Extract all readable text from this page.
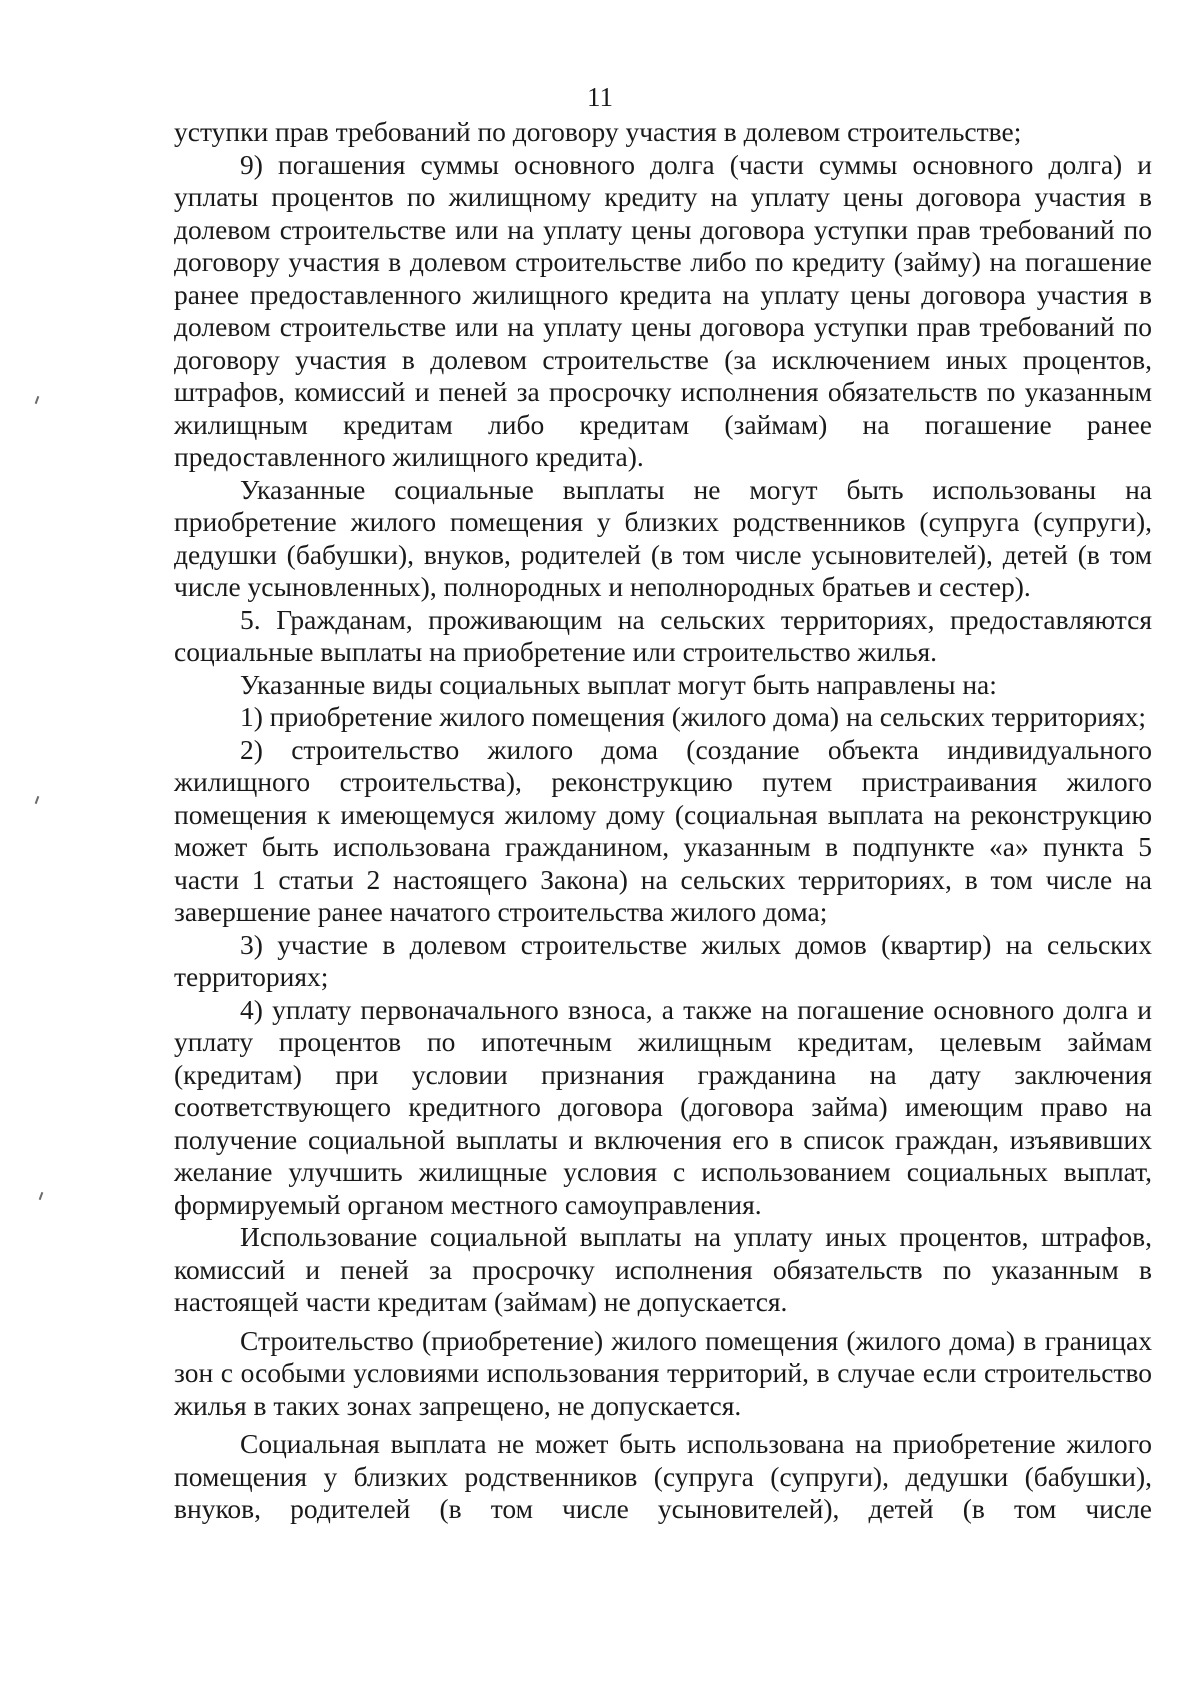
11

уступки прав требований по договору участия в долевом строительстве;

9) погашения суммы основного долга (части суммы основного долга) и уплаты процентов по жилищному кредиту на уплату цены договора участия в долевом строительстве или на уплату цены договора уступки прав требований по договору участия в долевом строительстве либо по кредиту (займу) на погашение ранее предоставленного жилищного кредита на уплату цены договора участия в долевом строительстве или на уплату цены договора уступки прав требований по договору участия в долевом строительстве (за исключением иных процентов, штрафов, комиссий и пеней за просрочку исполнения обязательств по указанным жилищным кредитам либо кредитам (займам) на погашение ранее предоставленного жилищного кредита).

Указанные социальные выплаты не могут быть использованы на приобретение жилого помещения у близких родственников (супруга (супруги), дедушки (бабушки), внуков, родителей (в том числе усыновителей), детей (в том числе усыновленных), полнородных и неполнородных братьев и сестер).

5. Гражданам, проживающим на сельских территориях, предоставляются социальные выплаты на приобретение или строительство жилья.

Указанные виды социальных выплат могут быть направлены на:

1) приобретение жилого помещения (жилого дома) на сельских территориях;

2) строительство жилого дома (создание объекта индивидуального жилищного строительства), реконструкцию путем пристраивания жилого помещения к имеющемуся жилому дому (социальная выплата на реконструкцию может быть использована гражданином, указанным в подпункте «а» пункта 5 части 1 статьи 2 настоящего Закона) на сельских территориях, в том числе на завершение ранее начатого строительства жилого дома;

3) участие в долевом строительстве жилых домов (квартир) на сельских территориях;

4) уплату первоначального взноса, а также на погашение основного долга и уплату процентов по ипотечным жилищным кредитам, целевым займам (кредитам) при условии признания гражданина на дату заключения соответствующего кредитного договора (договора займа) имеющим право на получение социальной выплаты и включения его в список граждан, изъявивших желание улучшить жилищные условия с использованием социальных выплат, формируемый органом местного самоуправления.

Использование социальной выплаты на уплату иных процентов, штрафов, комиссий и пеней за просрочку исполнения обязательств по указанным в настоящей части кредитам (займам) не допускается.

Строительство (приобретение) жилого помещения (жилого дома) в границах зон с особыми условиями использования территорий, в случае если строительство жилья в таких зонах запрещено, не допускается.

Социальная выплата не может быть использована на приобретение жилого помещения у близких родственников (супруга (супруги), дедушки (бабушки), внуков, родителей (в том числе усыновителей), детей (в том числе
